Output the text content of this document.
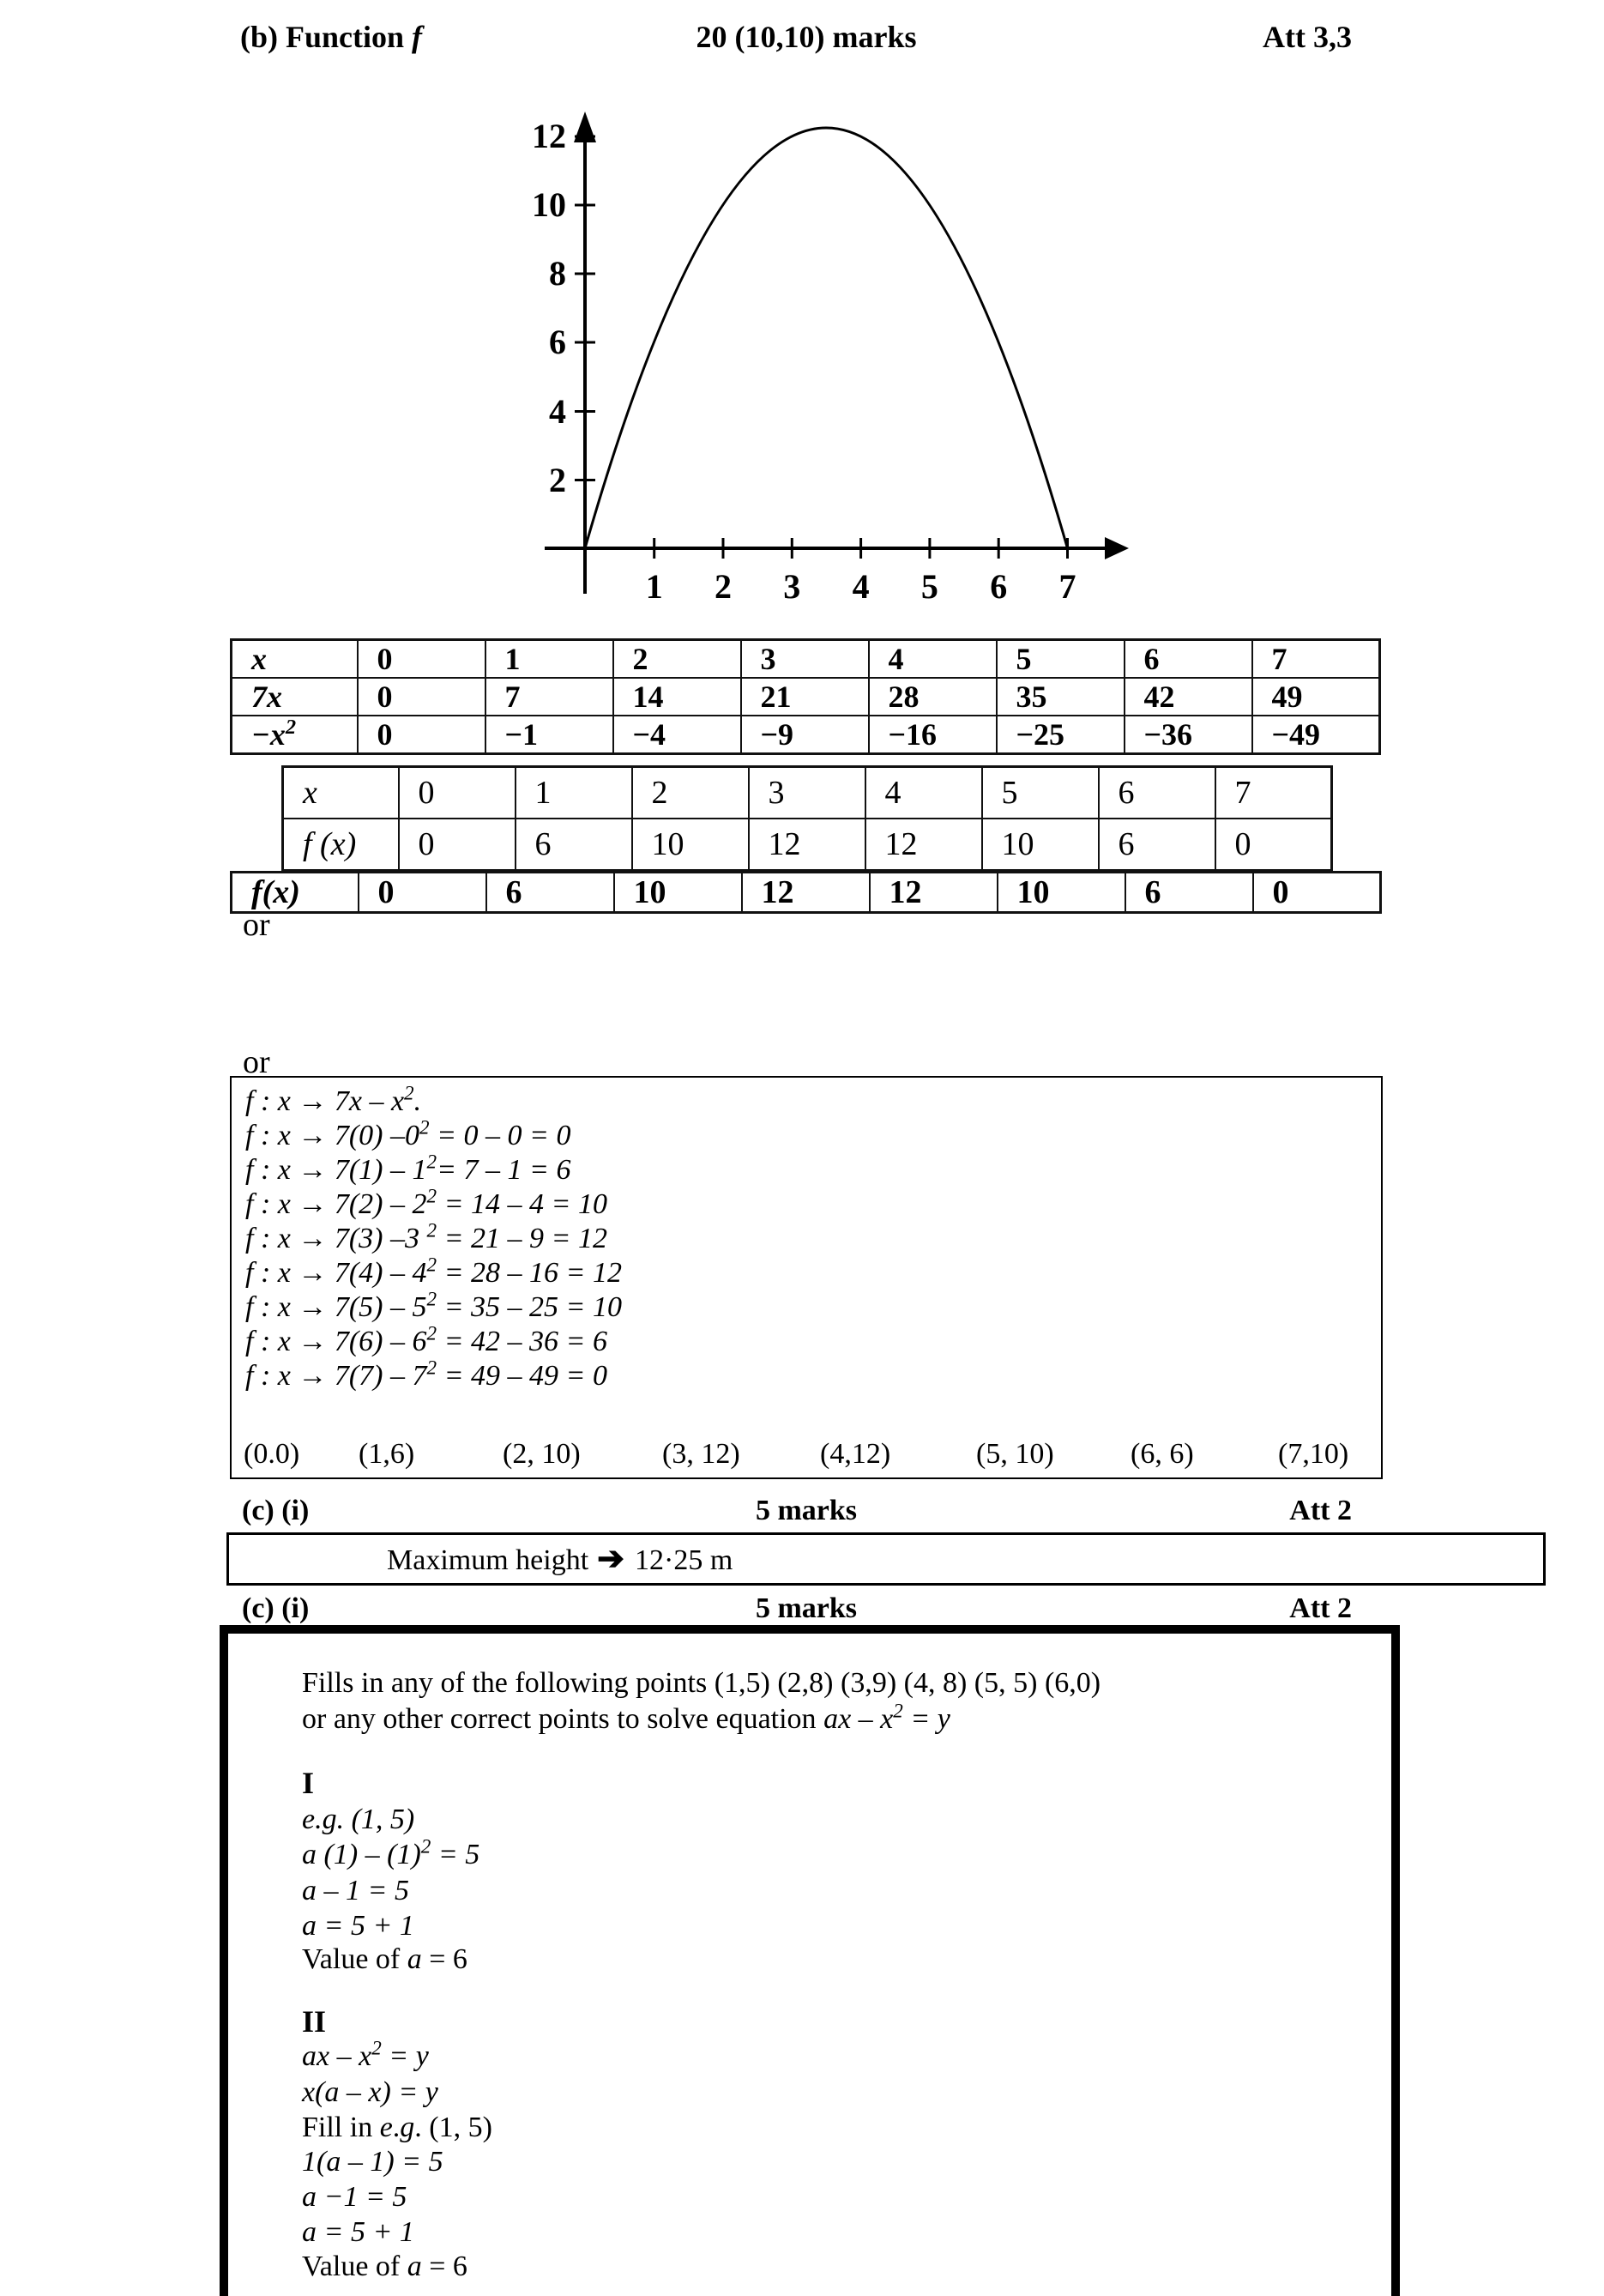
(b) Function f	20 (10,10) marks	Att 3,3
2
4
6
8
10
12
1 2 3 4 5 6 7
x	0	1	2	3	4	5	6	7
7x	0	7	14	21	28	35	42	49
$-x^2$	0	−1	−4	−9	−16	−25	−36	−49
x	0	1	2	3	4	5	6	7
f (x)	0	6	10	12	12	10	6	0
f(x)	0	6	10	12	12	10	6	0
or
or
f : $x \to 7x - x^2$.
f : x → 7(0) $-0^2 = 0 - 0 = 0$
f : $x \to 7(1) - 1^2= 7 - 1 = 6$
f : $x \to 7(2) - 2^2 = 14 - 4 = 10$
f : x → 7(3) –3 $^2$ = 21 – 9 = 12
f : $x \to 7(4) - 4^2 = 28 - 16 = 12$
f : $x \to 7(5) - 5^2 = 35 - 25 = 10$
f : $x \to 7(6) - 6^2 = 42 - 36 = 6$
f : $x \to 7(7) - 7^2 = 49 - 49 = 0$
(0.0)	(1,6)	(2, 10)	(3, 12)	(4,12)	(5, 10)	(6, 6)	(7,10)
(c) (i)	5 marks	Att 2
Maximum height ➔ 12·25 m
(c) (i)	5 marks	Att 2
Fills in any of the following points (1,5) (2,8) (3,9) (4, 8) (5, 5) (6,0)
or any other correct points to solve equation ax – $x^2 = y$
I
e.g. (1, 5)
a $(1) - (1)^2 = 5$
a – 1 = 5
a = 5 + 1
Value of a = 6
II
ax – $x^2 = y$
x(a – x) = y
Fill in e.g. (1, 5)
1(a – 1) = 5
a −1 = 5
a = 5 + 1
Value of a = 6
